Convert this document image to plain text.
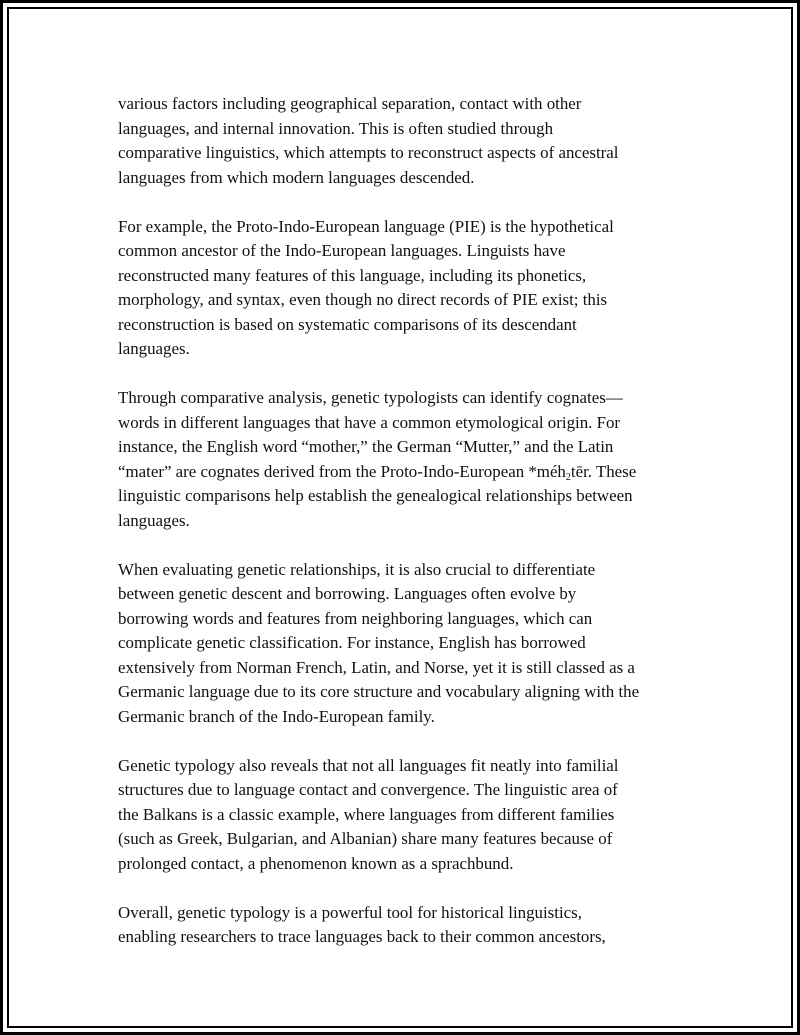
various factors including geographical separation, contact with other
languages, and internal innovation. This is often studied through
comparative linguistics, which attempts to reconstruct aspects of ancestral
languages from which modern languages descended.

For example, the Proto-Indo-European language (PIE) is the hypothetical
common ancestor of the Indo-European languages. Linguists have
reconstructed many features of this language, including its phonetics,
morphology, and syntax, even though no direct records of PIE exist; this
reconstruction is based on systematic comparisons of its descendant
languages.

Through comparative analysis, genetic typologists can identify cognates—
words in different languages that have a common etymological origin. For
instance, the English word “mother,” the German “Mutter,” and the Latin
“mater” are cognates derived from the Proto-Indo-European *méh$_2$tēr. These
linguistic comparisons help establish the genealogical relationships between
languages.

When evaluating genetic relationships, it is also crucial to differentiate
between genetic descent and borrowing. Languages often evolve by
borrowing words and features from neighboring languages, which can
complicate genetic classification. For instance, English has borrowed
extensively from Norman French, Latin, and Norse, yet it is still classed as a
Germanic language due to its core structure and vocabulary aligning with the
Germanic branch of the Indo-European family.

Genetic typology also reveals that not all languages fit neatly into familial
structures due to language contact and convergence. The linguistic area of
the Balkans is a classic example, where languages from different families
(such as Greek, Bulgarian, and Albanian) share many features because of
prolonged contact, a phenomenon known as a sprachbund.

Overall, genetic typology is a powerful tool for historical linguistics,
enabling researchers to trace languages back to their common ancestors,
